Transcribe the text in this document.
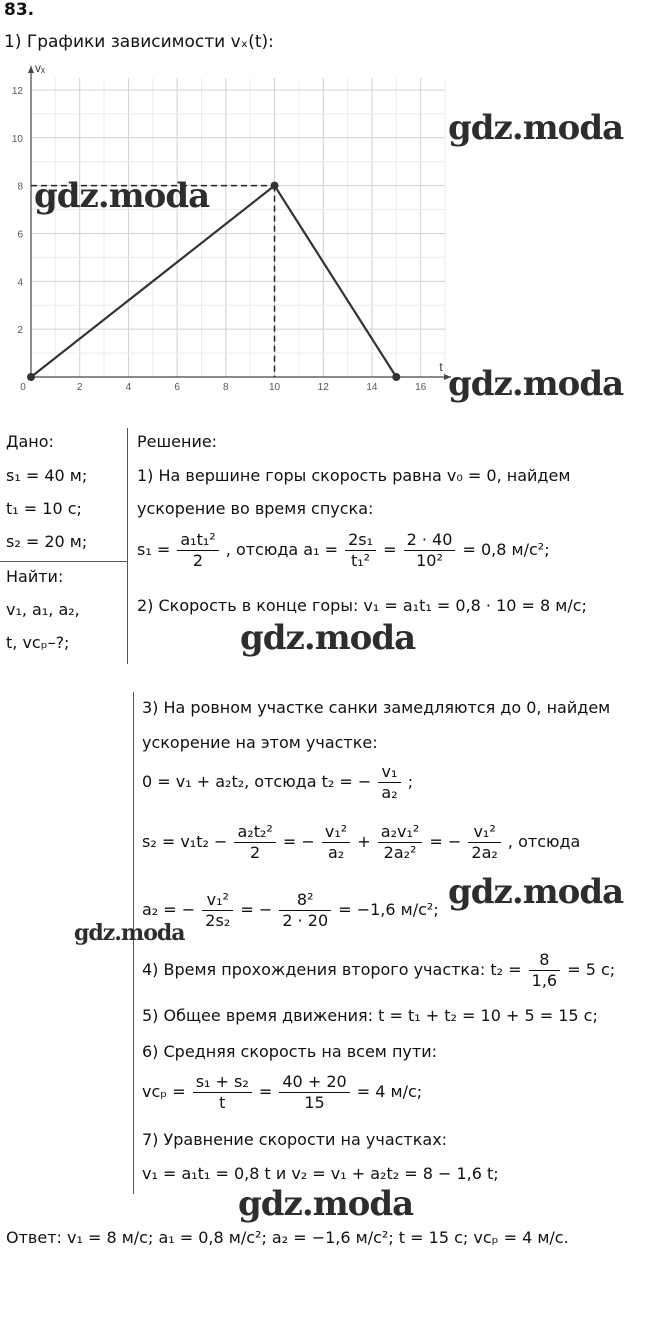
83.
1) Графики зависимости vₓ(t):
0	2	4	6	8	10	12	14	16
2
4
6
8
10
12
t
vₓ
Дано:
s₁ = 40 м;
t₁ = 10 с;
s₂ = 20 м;
Найти:
v₁, a₁, a₂,
t, vᴄₚ–?;
Решение:
1) На вершине горы скорость равна v₀ = 0, найдем
ускорение во время спуска:
$s_1 = \frac{\text{a₁t₁²}}{2}$ , отсюда $a_1 = \frac{\text{2s₁}}{\text{t₁²}} = \frac{2 \cdot 40}{\text{10²}} = 0,8$ м/с²;
2) Скорость в конце горы: v₁ = a₁t₁ = 0,8 · 10 = 8 м/с;
3) На ровном участке санки замедляются до 0, найдем
ускорение на этом участке:
0 = v₁ + a₂t₂, отсюда t₂ = − $\frac{\text{v₁}}{\text{a₂}}$ ;
$s_2 = v_1t_2 - \frac{\text{a₂t₂²}}{2}$ = − $\frac{\text{v₁²}}{\text{a₂}} + \frac{\text{a₂v₁²}}{\text{2a₂²}}$ = − $\frac{\text{v₁²}}{\text{2a₂}}$ , отсюда
a₂ = − $\frac{\text{v₁²}}{\text{2s₂}}$ = − $\frac{\text{8²}}{2 \cdot 20} = -1,6$ м/с²;
4) Время прохождения второго участка: $t_2 = \frac{8}{1,6} = 5$ с;
5) Общее время движения: t = t₁ + t₂ = 10 + 5 = 15 с;
6) Средняя скорость на всем пути:
vᴄₚ = $\frac{\text{s₁ + s₂}}{t} = \frac{40 + 20}{15} = 4$ м/с;
7) Уравнение скорости на участках:
v₁ = a₁t₁ = 0,8 t и v₂ = v₁ + a₂t₂ = 8 − 1,6 t;
Ответ: v₁ = 8 м/с; a₁ = 0,8 м/с²; a₂ = −1,6 м/с²; t = 15 с; vᴄₚ = 4 м/с.
gdz.moda
gdz.moda
gdz.moda
gdz.moda
gdz.moda
gdz.moda
gdz.moda
